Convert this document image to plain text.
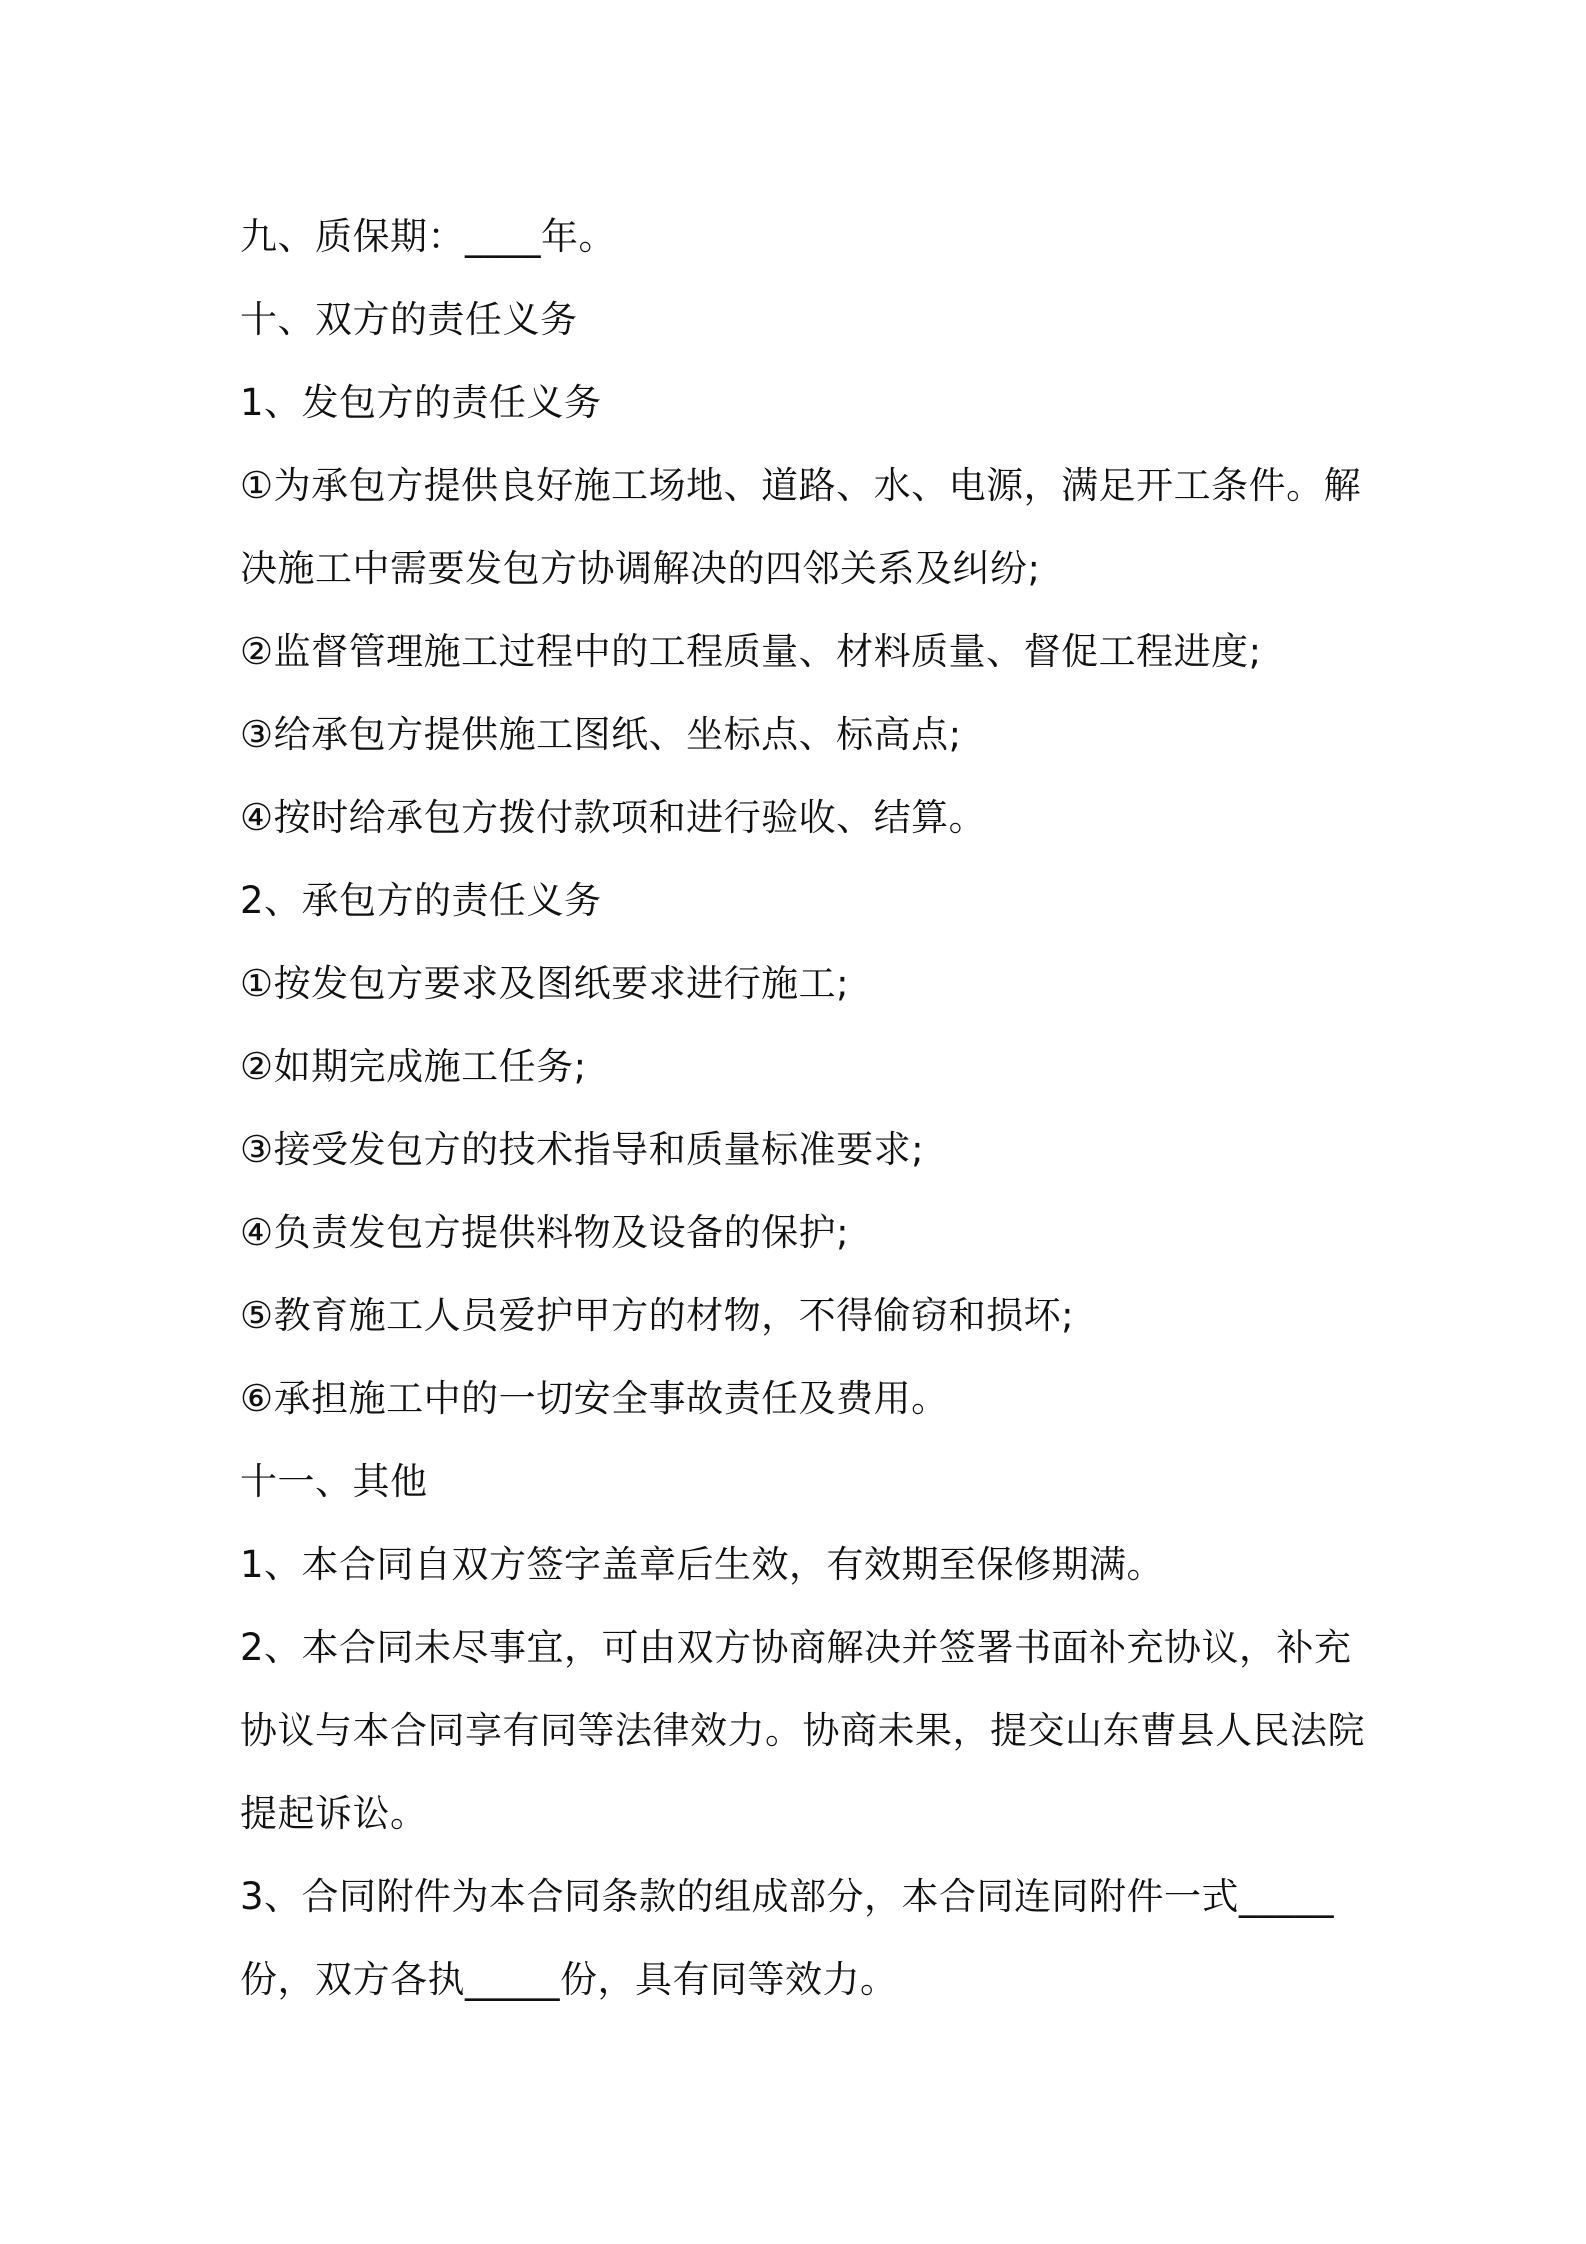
九、质保期：____年。
十、双方的责任义务
1、发包方的责任义务
①为承包方提供良好施工场地、道路、水、电源，满足开工条件。解
决施工中需要发包方协调解决的四邻关系及纠纷;
②监督管理施工过程中的工程质量、材料质量、督促工程进度;
③给承包方提供施工图纸、坐标点、标高点;
④按时给承包方拨付款项和进行验收、结算。
2、承包方的责任义务
①按发包方要求及图纸要求进行施工;
②如期完成施工任务;
③接受发包方的技术指导和质量标准要求;
④负责发包方提供料物及设备的保护;
⑤教育施工人员爱护甲方的材物，不得偷窃和损坏;
⑥承担施工中的一切安全事故责任及费用。
十一、其他
1、本合同自双方签字盖章后生效，有效期至保修期满。
2、本合同未尽事宜，可由双方协商解决并签署书面补充协议，补充
协议与本合同享有同等法律效力。协商未果，提交山东曹县人民法院
提起诉讼。
3、合同附件为本合同条款的组成部分，本合同连同附件一式_____
份，双方各执_____份，具有同等效力。
